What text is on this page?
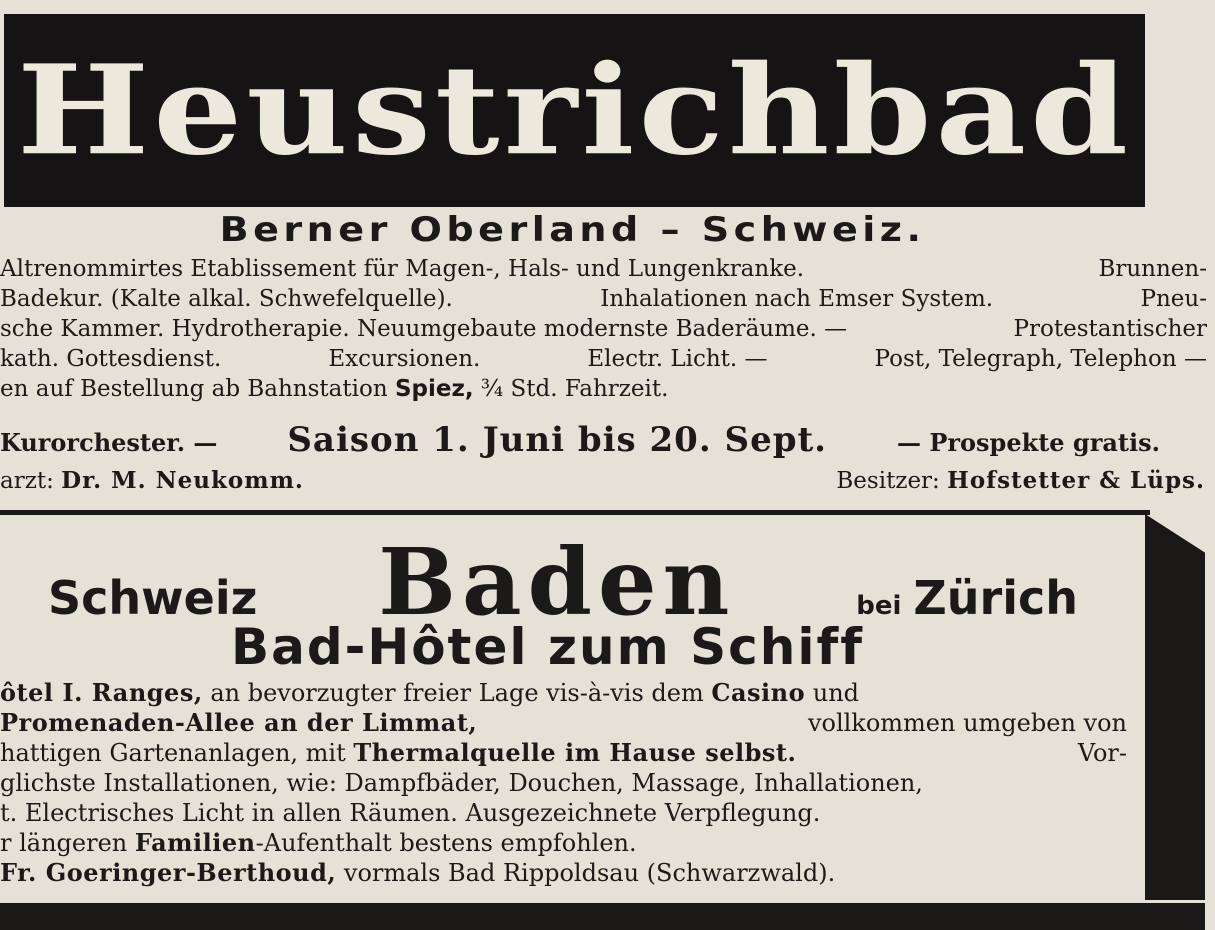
Heustrichbad
Berner Oberland – Schweiz.
Altrenommirtes Etablissement für Magen-, Hals- und Lungenkranke.	Brunnen-
Badekur. (Kalte alkal. Schwefelquelle).	Inhalationen nach Emser System.	Pneu-
sche Kammer. Hydrotherapie. Neuumgebaute modernste Baderäume. —	Protestantischer
kath. Gottesdienst.	Excursionen.	Electr. Licht. —	Post, Telegraph, Telephon —
en auf Bestellung ab Bahnstation Spiez, ¾ Std. Fahrzeit.
Kurorchester. — Saison 1. Juni bis 20. Sept.	— Prospekte gratis.
arzt: Dr. M. Neukomm.	Besitzer: Hofstetter & Lüps.
Schweiz Baden	bei Zürich
Bad-Hôtel zum Schiff
ôtel I. Ranges, an bevorzugter freier Lage vis-à-vis dem Casino und
Promenaden-Allee an der Limmat,	vollkommen umgeben von
hattigen Gartenanlagen, mit Thermalquelle im Hause selbst.	Vor-
glichste Installationen, wie: Dampfbäder, Douchen, Massage, Inhallationen,
t. Electrisches Licht in allen Räumen. Ausgezeichnete Verpflegung.
r längeren Familien-Aufenthalt bestens empfohlen.
Fr. Goeringer-Berthoud, vormals Bad Rippoldsau (Schwarzwald).
